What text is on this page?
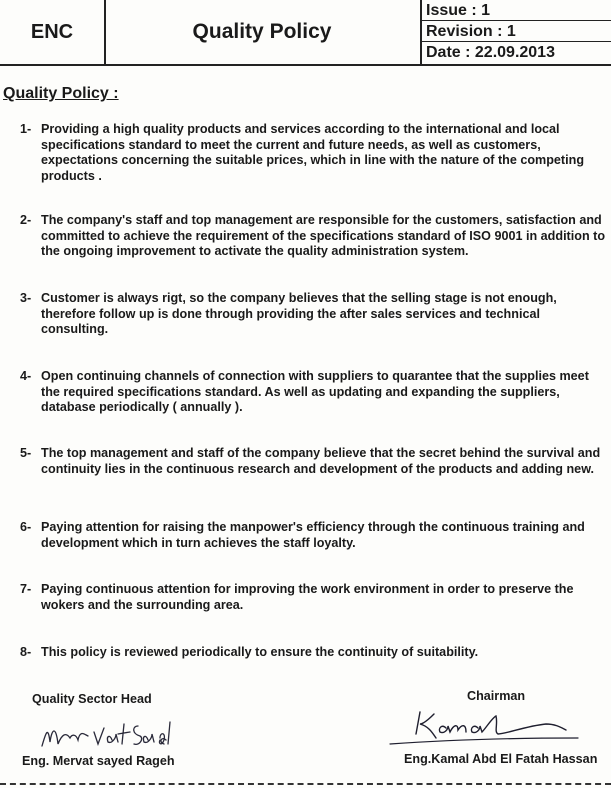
ENC	Quality Policy
Issue : 1
Revision : 1
Date : 22.09.2013
Quality Policy :
1- Providing a high quality products and services according to the international and local specifications standard to meet the current and future needs, as well as customers, expectations concerning the suitable prices, which in line with the nature of the competing products .
2- The company's staff and top management are responsible for the customers, satisfaction and committed to achieve the requirement of the specifications standard of ISO 9001 in addition to the ongoing improvement to activate the quality administration system.
3- Customer is always rigt, so the company believes that the selling stage is not enough, therefore follow up is done through providing the after sales services and technical consulting.
4- Open continuing channels of connection with suppliers to quarantee that the supplies meet the required specifications standard. As well as updating and expanding the suppliers, database periodically ( annually ).
5- The top management and staff of the company believe that the secret behind the survival and continuity lies in the continuous research and development of the products and adding new.
6- Paying attention for raising the manpower's efficiency through the continuous training and development which in turn achieves the staff loyalty.
7- Paying continuous attention for improving the work environment in order to preserve the wokers and the surrounding area.
8- This policy is reviewed periodically to ensure the continuity of suitability.
Quality Sector Head
Eng. Mervat sayed Rageh
Chairman
Eng.Kamal Abd El Fatah Hassan
